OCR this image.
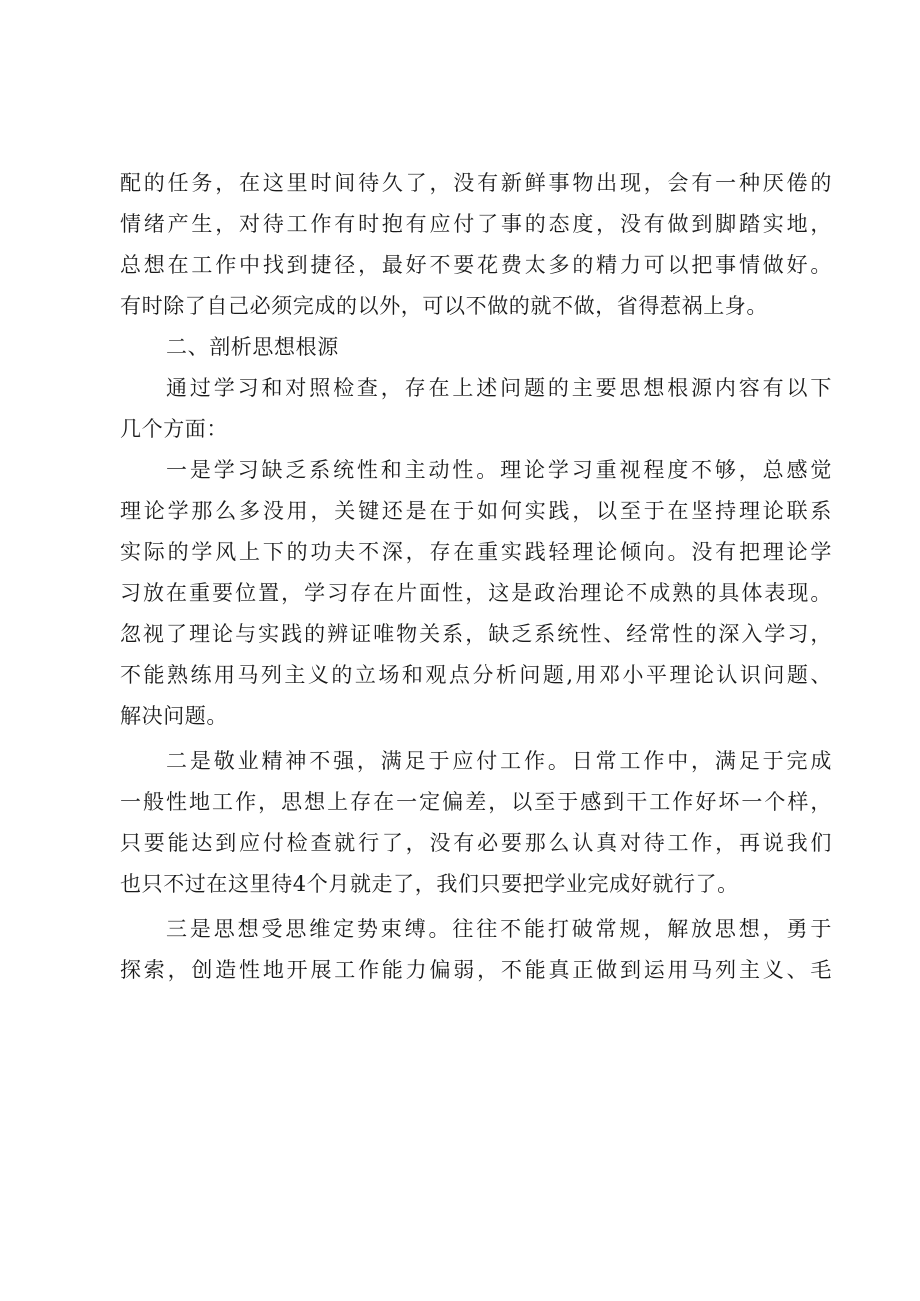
配的任务，在这里时间待久了，没有新鲜事物出现，会有一种厌倦的
情绪产生，对待工作有时抱有应付了事的态度，没有做到脚踏实地，
总想在工作中找到捷径，最好不要花费太多的精力可以把事情做好。
有时除了自己必须完成的以外，可以不做的就不做，省得惹祸上身。

二、剖析思想根源

通过学习和对照检查，存在上述问题的主要思想根源内容有以下
几个方面：

一是学习缺乏系统性和主动性。理论学习重视程度不够，总感觉
理论学那么多没用，关键还是在于如何实践，以至于在坚持理论联系
实际的学风上下的功夫不深，存在重实践轻理论倾向。没有把理论学
习放在重要位置，学习存在片面性，这是政治理论不成熟的具体表现。
忽视了理论与实践的辨证唯物关系，缺乏系统性、经常性的深入学习，
不能熟练用马列主义的立场和观点分析问题,用邓小平理论认识问题、
解决问题。

二是敬业精神不强，满足于应付工作。日常工作中，满足于完成
一般性地工作，思想上存在一定偏差，以至于感到干工作好坏一个样，
只要能达到应付检查就行了，没有必要那么认真对待工作，再说我们
也只不过在这里待4个月就走了，我们只要把学业完成好就行了。

三是思想受思维定势束缚。往往不能打破常规，解放思想，勇于
探索，创造性地开展工作能力偏弱，不能真正做到运用马列主义、毛
